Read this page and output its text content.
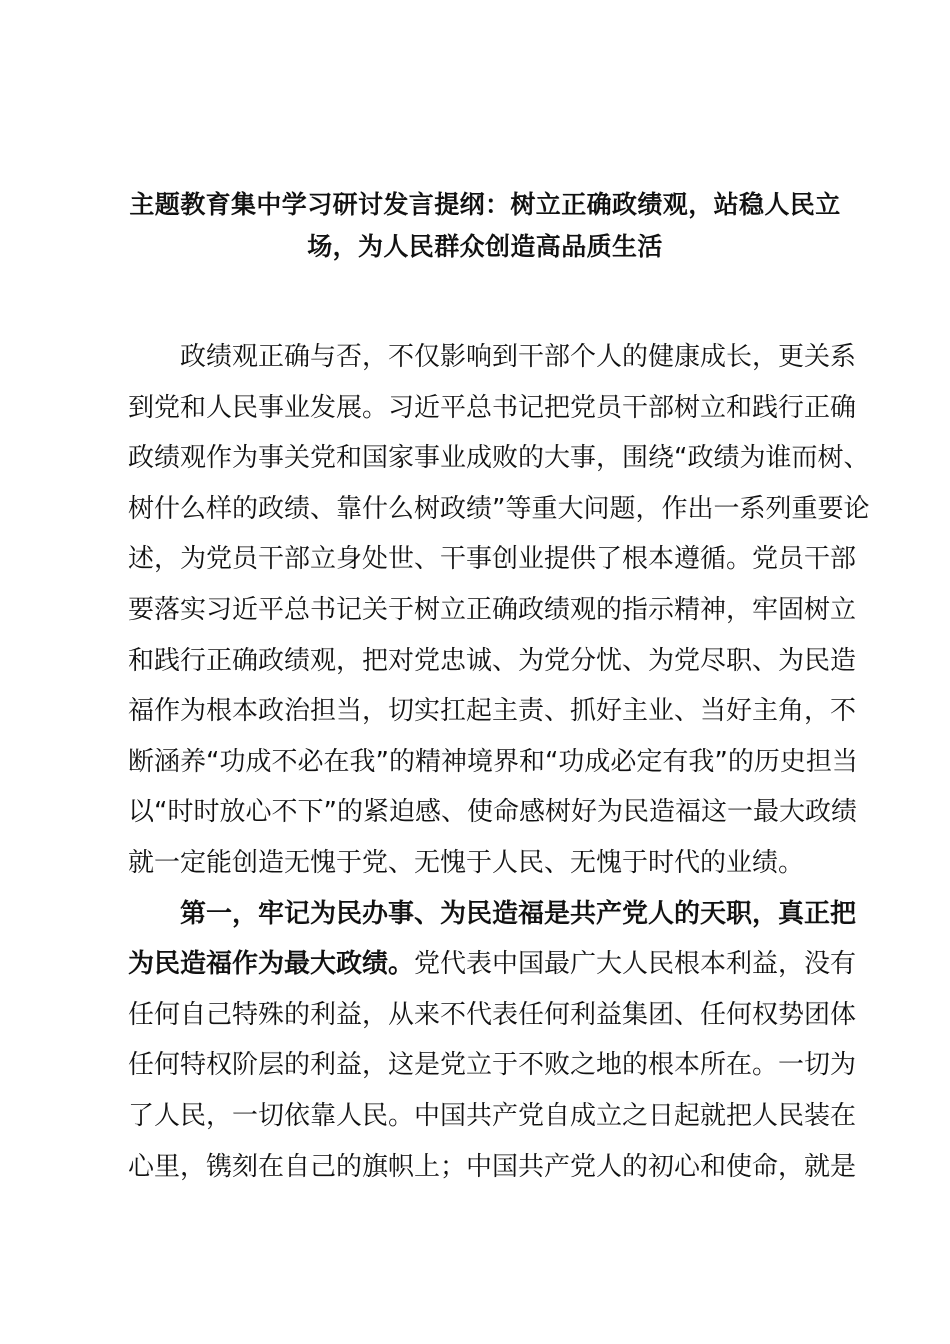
主题教育集中学习研讨发言提纲：树立正确政绩观，站稳人民立
场，为人民群众创造高品质生活
政绩观正确与否，不仅影响到干部个人的健康成长，更关系
到党和人民事业发展。习近平总书记把党员干部树立和践行正确
政绩观作为事关党和国家事业成败的大事，围绕“政绩为谁而树、
树什么样的政绩、靠什么树政绩”等重大问题，作出一系列重要论
述，为党员干部立身处世、干事创业提供了根本遵循。党员干部
要落实习近平总书记关于树立正确政绩观的指示精神，牢固树立
和践行正确政绩观，把对党忠诚、为党分忧、为党尽职、为民造
福作为根本政治担当，切实扛起主责、抓好主业、当好主角，不
断涵养“功成不必在我”的精神境界和“功成必定有我”的历史担当
以“时时放心不下”的紧迫感、使命感树好为民造福这一最大政绩
就一定能创造无愧于党、无愧于人民、无愧于时代的业绩。
第一，牢记为民办事、为民造福是共产党人的天职，真正把
为民造福作为最大政绩。党代表中国最广大人民根本利益，没有
任何自己特殊的利益，从来不代表任何利益集团、任何权势团体
任何特权阶层的利益，这是党立于不败之地的根本所在。一切为
了人民，一切依靠人民。中国共产党自成立之日起就把人民装在
心里，镌刻在自己的旗帜上；中国共产党人的初心和使命，就是
